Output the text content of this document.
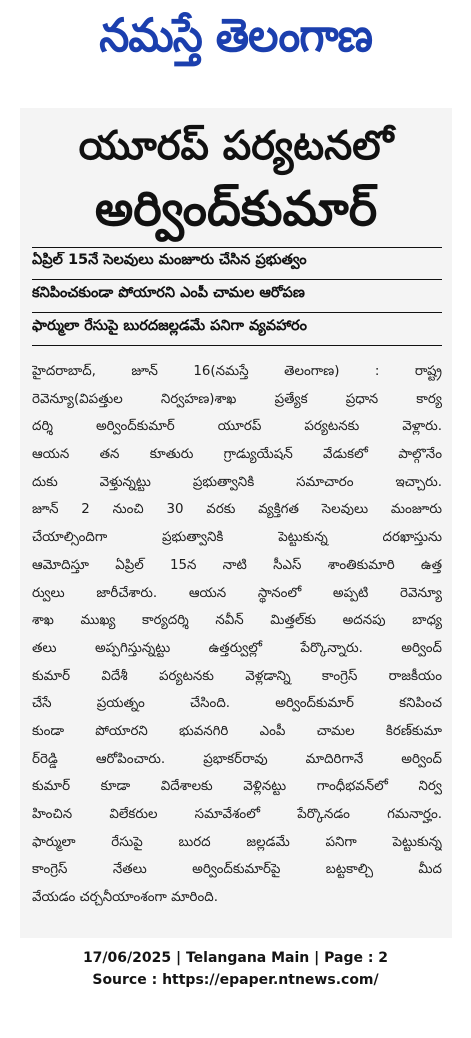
నమస్తే తెలంగాణ
యూరప్ పర్యటనలో
అర్వింద్‌కుమార్
ఏప్రిల్ 15నే సెలవులు మంజూరు చేసిన ప్రభుత్వం
కనిపించకుండా పోయారని ఎంపీ చామల ఆరోపణ
ఫార్ములా రేసుపై బురదజల్లడమే పనిగా వ్యవహారం
హైదరాబాద్, జూన్ 16(నమస్తే తెలంగాణ) : రాష్ట్ర
రెవెన్యూ(విపత్తుల నిర్వహణ)శాఖ ప్రత్యేక ప్రధాన కార్య
దర్శి అర్వింద్‌కుమార్ యూరప్ పర్యటనకు వెళ్లారు.
ఆయన తన కూతురు గ్రాడ్యుయేషన్ వేడుకలో పాల్గొనేం
దుకు వెళ్తున్నట్టు ప్రభుత్వానికి సమాచారం ఇచ్చారు.
జూన్ 2 నుంచి 30 వరకు వ్యక్తిగత సెలవులు మంజూరు
చేయాల్సిందిగా ప్రభుత్వానికి పెట్టుకున్న దరఖాస్తును
ఆమోదిస్తూ ఏప్రిల్ 15న నాటి సీఎస్ శాంతికుమారి ఉత్త
ర్వులు జారీచేశారు. ఆయన స్థానంలో అప్పటి రెవెన్యూ
శాఖ ముఖ్య కార్యదర్శి నవీన్ మిత్తల్‌కు అదనపు బాధ్య
తలు అప్పగిస్తున్నట్టు ఉత్తర్వుల్లో పేర్కొన్నారు. అర్వింద్
కుమార్ విదేశీ పర్యటనకు వెళ్లడాన్ని కాంగ్రెస్ రాజకీయం
చేసే ప్రయత్నం చేసింది. అర్వింద్‌కుమార్ కనిపించ
కుండా పోయారని భువనగిరి ఎంపీ చామల కిరణ్‌కుమా
ర్‌రెడ్డి ఆరోపించారు. ప్రభాకర్‌రావు మాదిరిగానే అర్వింద్
కుమార్ కూడా విదేశాలకు వెళ్లినట్టు గాంధీభవన్‌లో నిర్వ
హించిన విలేకరుల సమావేశంలో పేర్కొనడం గమనార్హం.
ఫార్ములా రేసుపై బురద జల్లడమే పనిగా పెట్టుకున్న
కాంగ్రెస్ నేతలు అర్వింద్‌కుమార్‌పై బట్టకాల్చి మీద
వేయడం చర్చనీయాంశంగా మారింది.
17/06/2025 | Telangana Main | Page : 2
Source : https://epaper.ntnews.com/
